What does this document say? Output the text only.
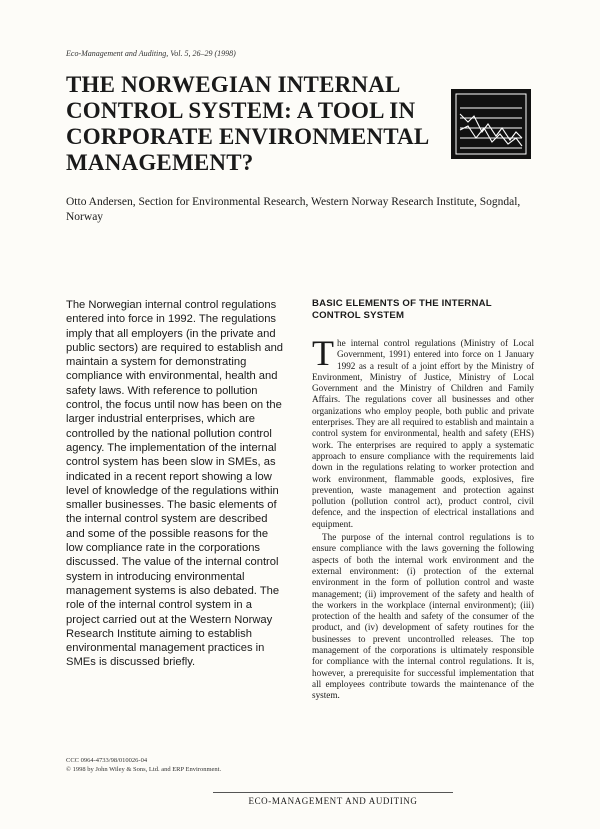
Eco-Management and Auditing, Vol. 5, 26–29 (1998)
THE NORWEGIAN INTERNAL
CONTROL SYSTEM: A TOOL IN
CORPORATE ENVIRONMENTAL
MANAGEMENT?
Otto Andersen, Section for Environmental Research, Western Norway Research Institute, Sogndal, Norway

The Norwegian internal control regulations entered into force in 1992. The regulations imply that all employers (in the private and public sectors) are required to establish and maintain a system for demonstrating compliance with environmental, health and safety laws. With reference to pollution control, the focus until now has been on the larger industrial enterprises, which are controlled by the national pollution control agency. The implementation of the internal control system has been slow in SMEs, as indicated in a recent report showing a low level of knowledge of the regulations within smaller businesses. The basic elements of the internal control system are described and some of the possible reasons for the low compliance rate in the corporations discussed. The value of the internal control system in introducing environmental management systems is also debated. The role of the internal control system in a project carried out at the Western Norway Research Institute aiming to establish environmental management practices in SMEs is discussed briefly.

CCC 0964-4733/98/010026-04
© 1998 by John Wiley & Sons, Ltd. and ERP Environment.
BASIC ELEMENTS OF THE INTERNAL CONTROL SYSTEM

The internal control regulations (Ministry of Local Government, 1991) entered into force on 1 January 1992 as a result of a joint effort by the Ministry of Environment, Ministry of Justice, Ministry of Local Government and the Ministry of Children and Family Affairs. The regulations cover all businesses and other organizations who employ people, both public and private enterprises. They are all required to establish and maintain a control system for environmental, health and safety (EHS) work. The enterprises are required to apply a systematic approach to ensure compliance with the requirements laid down in the regulations relating to worker protection and work environment, flammable goods, explosives, fire prevention, waste management and protection against pollution (pollution control act), product control, civil defence, and the inspection of electrical installations and equipment.

The purpose of the internal control regulations is to ensure compliance with the laws governing the following aspects of both the internal work environment and the external environment: (i) protection of the external environment in the form of pollution control and waste management; (ii) improvement of the safety and health of the workers in the workplace (internal environment); (iii) protection of the health and safety of the consumer of the product, and (iv) development of safety routines for the businesses to prevent uncontrolled releases. The top management of the corporations is ultimately responsible for compliance with the internal control regulations. It is, however, a prerequisite for successful implementation that all employees contribute towards the maintenance of the system.

ECO-MANAGEMENT AND AUDITING
